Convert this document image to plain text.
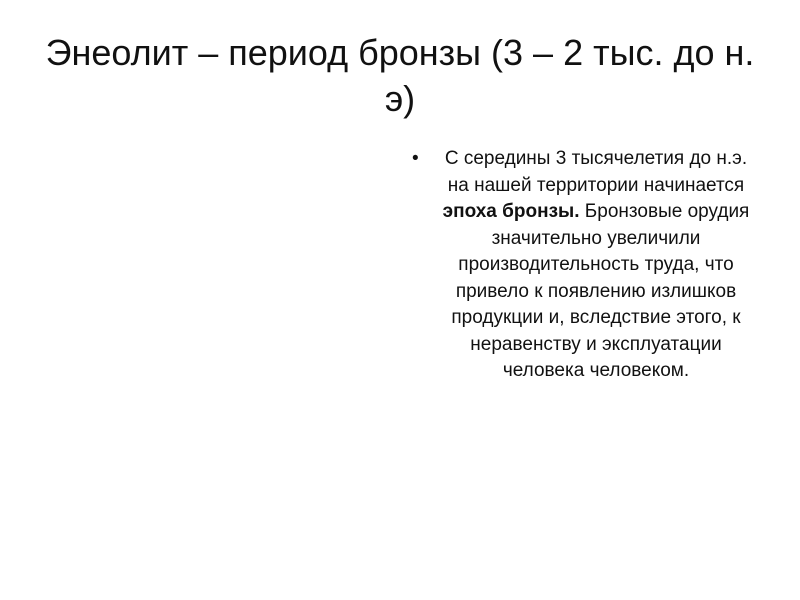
Энеолит – период бронзы (3 – 2 тыс. до н. э)
•	С середины 3 тысячелетия до н.э. на нашей территории начинается эпоха бронзы. Бронзовые орудия значительно увеличили производительность труда, что привело к появлению излишков продукции и, вследствие этого, к неравенству и эксплуатации человека человеком.
